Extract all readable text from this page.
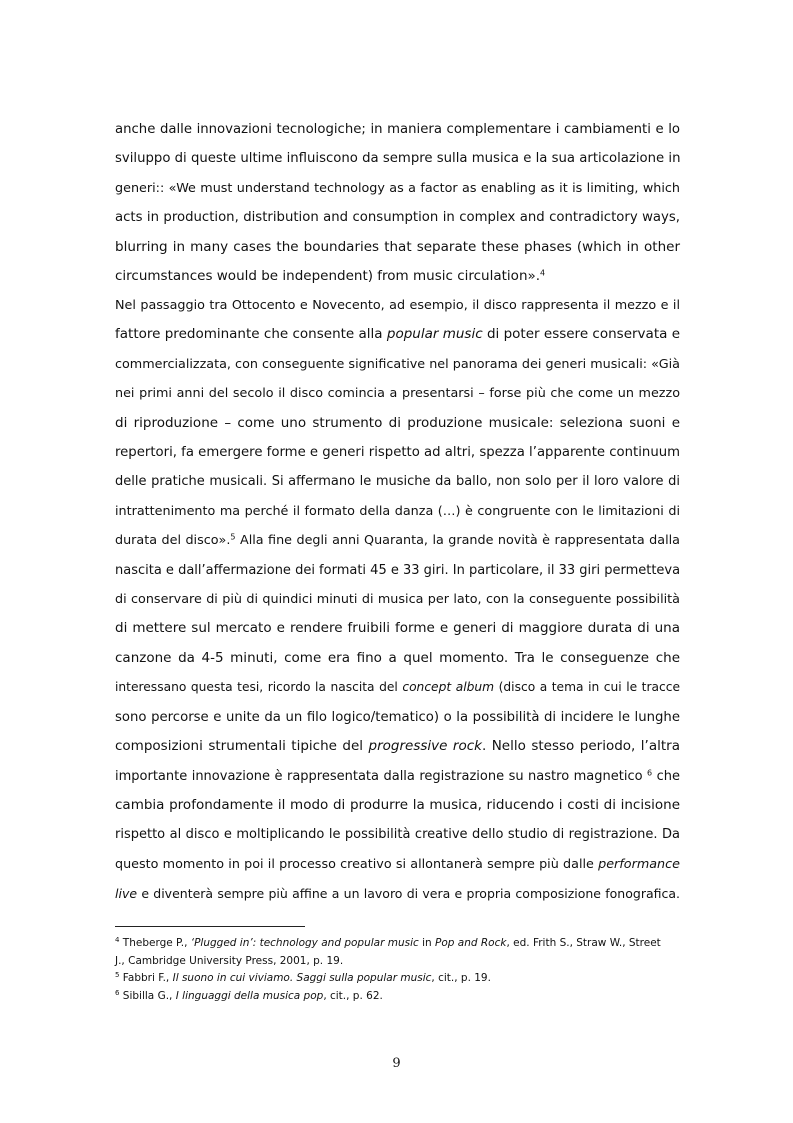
anche dalle innovazioni tecnologiche; in maniera complementare i cambiamenti e lo
sviluppo di queste ultime influiscono da sempre sulla musica e la sua articolazione in
generi:: «We must understand technology as a factor as enabling as it is limiting, which
acts in production, distribution and consumption in complex and contradictory ways,
blurring in many cases the boundaries that separate these phases (which in other
circumstances would be independent) from music circulation».$^4$
Nel passaggio tra Ottocento e Novecento, ad esempio, il disco rappresenta il mezzo e il
fattore predominante che consente alla popular music di poter essere conservata e
commercializzata, con conseguente significative nel panorama dei generi musicali: «Già
nei primi anni del secolo il disco comincia a presentarsi – forse più che come un mezzo
di riproduzione – come uno strumento di produzione musicale: seleziona suoni e
repertori, fa emergere forme e generi rispetto ad altri, spezza l’apparente continuum
delle pratiche musicali. Si affermano le musiche da ballo, non solo per il loro valore di
intrattenimento ma perché il formato della danza (…) è congruente con le limitazioni di
durata del disco».$^5$ Alla fine degli anni Quaranta, la grande novità è rappresentata dalla
nascita e dall’affermazione dei formati 45 e 33 giri. In particolare, il 33 giri permetteva
di conservare di più di quindici minuti di musica per lato, con la conseguente possibilità
di mettere sul mercato e rendere fruibili forme e generi di maggiore durata di una
canzone da 4-5 minuti, come era fino a quel momento. Tra le conseguenze che
interessano questa tesi, ricordo la nascita del concept album (disco a tema in cui le tracce
sono percorse e unite da un filo logico/tematico) o la possibilità di incidere le lunghe
composizioni strumentali tipiche del progressive rock. Nello stesso periodo, l’altra
importante innovazione è rappresentata dalla registrazione su nastro magnetico $^6$ che
cambia profondamente il modo di produrre la musica, riducendo i costi di incisione
rispetto al disco e moltiplicando le possibilità creative dello studio di registrazione. Da
questo momento in poi il processo creativo si allontanerà sempre più dalle performance
live e diventerà sempre più affine a un lavoro di vera e propria composizione fonografica.
$^4$ Theberge P., ‘Plugged in’: technology and popular music in Pop and Rock, ed. Frith S., Straw W., Street
J., Cambridge University Press, 2001, p. 19.
$^5$ Fabbri F., Il suono in cui viviamo. Saggi sulla popular music, cit., p. 19.
$^6$ Sibilla G., I linguaggi della musica pop, cit., p. 62.
9
